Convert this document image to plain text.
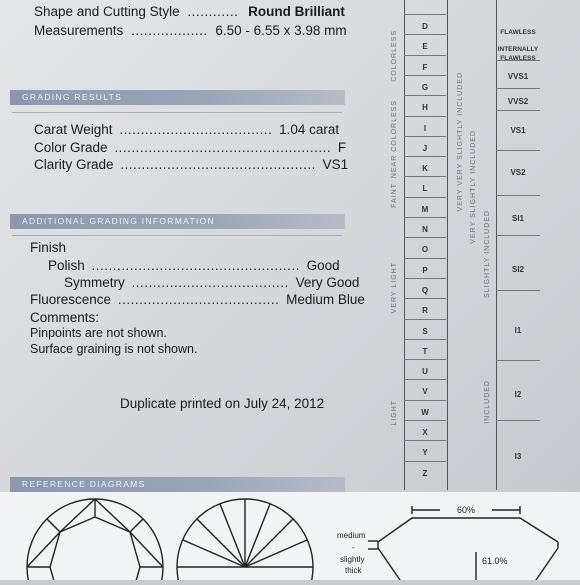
Shape and Cutting Style ............ Round Brilliant
Measurements .................. 6.50 - 6.55 x 3.98 mm
GRADING RESULTS
Carat Weight .................................... 1.04 carat
Color Grade ................................................... F
Clarity Grade .............................................. VS1
ADDITIONAL GRADING INFORMATION
Finish
Polish ................................................. Good
Symmetry ..................................... Very Good
Fluorescence ...................................... Medium Blue
Comments:
Pinpoints are not shown.
Surface graining is not shown.
Duplicate printed on July 24, 2012
REFERENCE DIAGRAMS
D
E
F
G
H
I
J
K
L
M
N
O
P
Q
R
S
T
U
V
W
X
Y
Z
COLORLESS
NEAR COLORLESS
FAINT
VERY LIGHT
LIGHT
VERY VERY SLIGHTLY INCLUDED VERY SLIGHTLY INCLUDED
SLIGHTLY INCLUDED
INCLUDED
FLAWLESS
INTERNALLY FLAWLESS
VVS1
VVS2
VS1
VS2
SI1
SI2
I1
I2
I3
60%
61.0%
medium
-
slightly
thick
